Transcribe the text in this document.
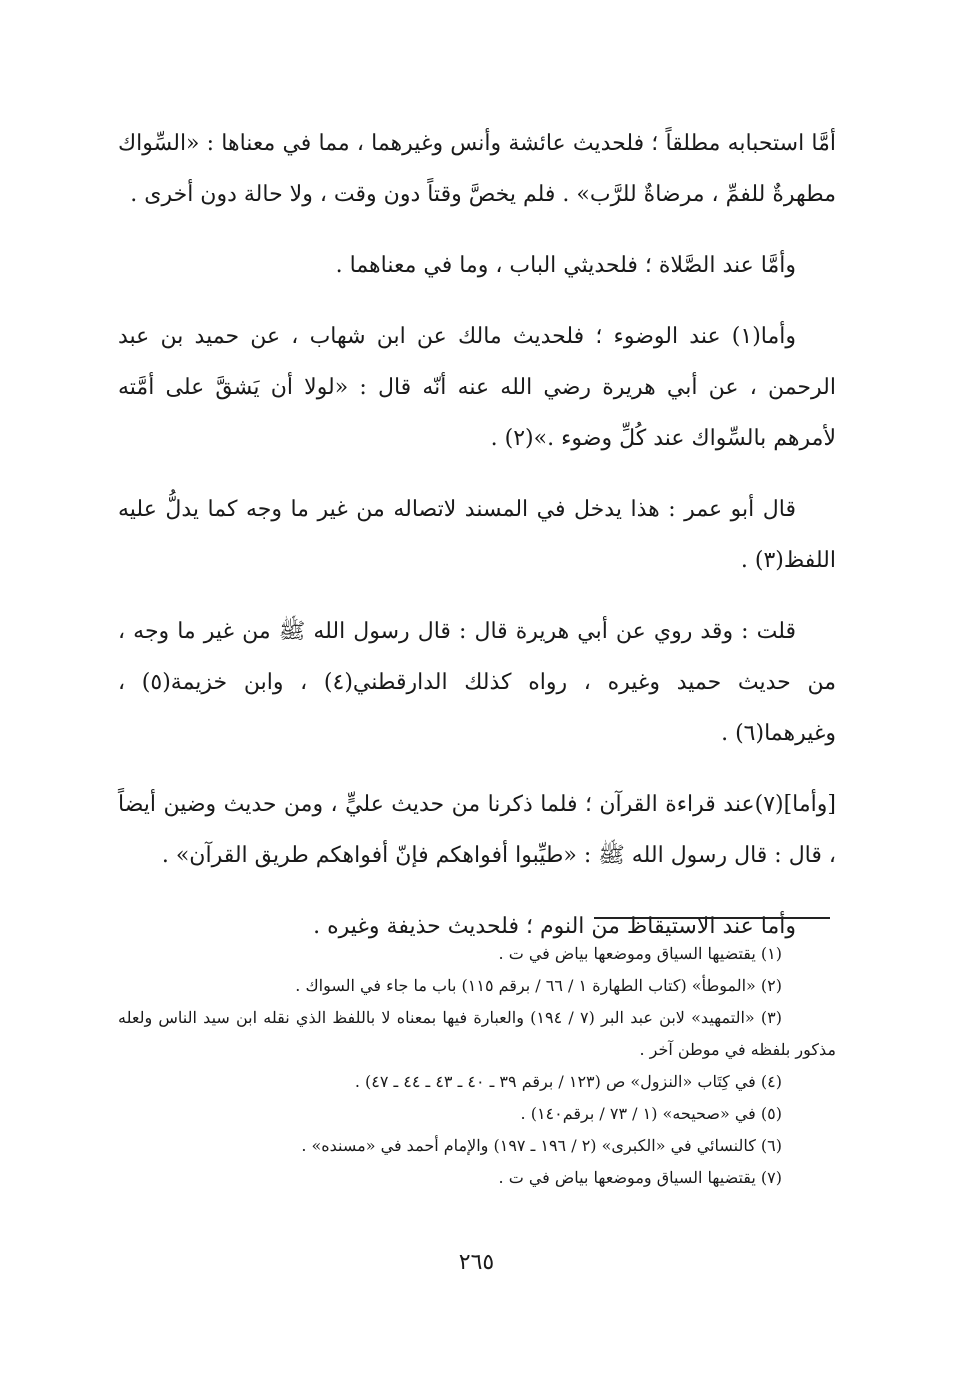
أمَّا استحبابه مطلقاً ؛ فلحديث عائشة وأنس وغيرهما ، مما في معناها : «السِّواك مطهرةٌ للفمِّ ، مرضاةٌ للرَّب» . فلم يخصَّ وقتاً دون وقت ، ولا حالة دون أخرى .

وأمَّا عند الصَّلاة ؛ فلحديثي الباب ، وما في معناهما .

وأما(١) عند الوضوء ؛ فلحديث مالك عن ابن شهاب ، عن حميد بن عبد الرحمن ، عن أبي هريرة رضي الله عنه أنّه قال : «لولا أن يَشقَّ على أمَّته لأمرهم بالسِّواك عند كُلِّ وضوء .»(٢) .

قال أبو عمر : هذا يدخل في المسند لاتصاله من غير ما وجه كما يدلُّ عليه اللفظ(٣) .

قلت : وقد روي عن أبي هريرة قال : قال رسول الله ﷺ من غير ما وجه ، من حديث حميد وغيره ، رواه كذلك الدارقطني(٤) ، وابن خزيمة(٥) ، وغيرهما(٦) .

[وأما](٧)عند قراءة القرآن ؛ فلما ذكرنا من حديث عليٍّ ، ومن حديث وضين أيضاً ، قال : قال رسول الله ﷺ : «طيِّبوا أفواهكم فإنّ أفواهكم طريق القرآن» .

وأما عند الاستيقاظ من النوم ؛ فلحديث حذيفة وغيره .

(١) يقتضيها السياق وموضعها بياض في ت .

(٢) «الموطأ» (كتاب الطهارة ١ / ٦٦ / برقم ١١٥) باب ما جاء في السواك .

(٣) «التمهيد» لابن عبد البر (٧ / ١٩٤) والعبارة فيها بمعناه لا باللفظ الذي نقله ابن سيد الناس ولعله مذكور بلفظه في موطن آخر .

(٤) في كِتَاب «النزول» ص (١٢٣ / برقم ٣٩ ـ ٤٠ ـ ٤٣ ـ ٤٤ ـ ٤٧) .

(٥) في «صحيحه» (١ / ٧٣ / برقم١٤٠) .

(٦) كالنسائي في «الكبرى» (٢ / ١٩٦ ـ ١٩٧) والإمام أحمد في «مسنده» .

(٧) يقتضيها السياق وموضعها بياض في ت .

٢٦٥
